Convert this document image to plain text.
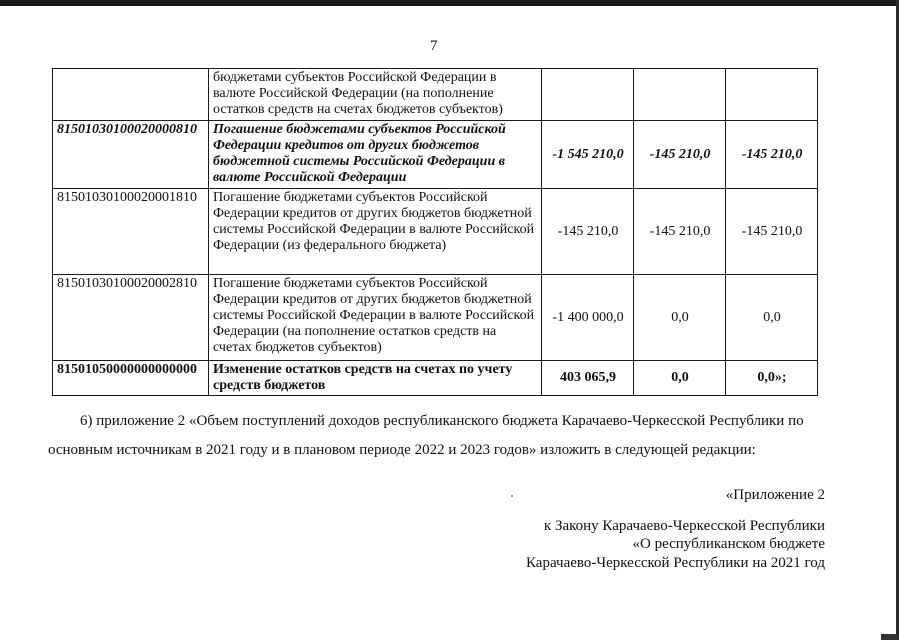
7
	бюджетами субъектов Российской Федерации в валюте Российской Федерации (на пополнение остатков средств на счетах бюджетов субъектов)			
81501030100020000810	Погашение бюджетами субъектов Российской Федерации кредитов от других бюджетов бюджетной системы Российской Федерации в валюте Российской Федерации	-1 545 210,0	-145 210,0	-145 210,0
81501030100020001810	Погашение бюджетами субъектов Российской Федерации кредитов от других бюджетов бюджетной системы Российской Федерации в валюте Российской Федерации (из федерального бюджета)	-145 210,0	-145 210,0	-145 210,0
81501030100020002810	Погашение бюджетами субъектов Российской Федерации кредитов от других бюджетов бюджетной системы Российской Федерации в валюте Российской Федерации (на пополнение остатков средств на счетах бюджетов субъектов)	-1 400 000,0	0,0	0,0
81501050000000000000	Изменение остатков средств на счетах по учету средств бюджетов	403 065,9	0,0	0,0»;
6) приложение 2 «Объем поступлений доходов республиканского бюджета Карачаево-Черкесской Республики по
основным источникам в 2021 году и в плановом периоде 2022 и 2023 годов» изложить в следующей редакции:
«Приложение 2
к Закону Карачаево-Черкесской Республики
«О республиканском бюджете
Карачаево-Черкесской Республики на 2021 год
